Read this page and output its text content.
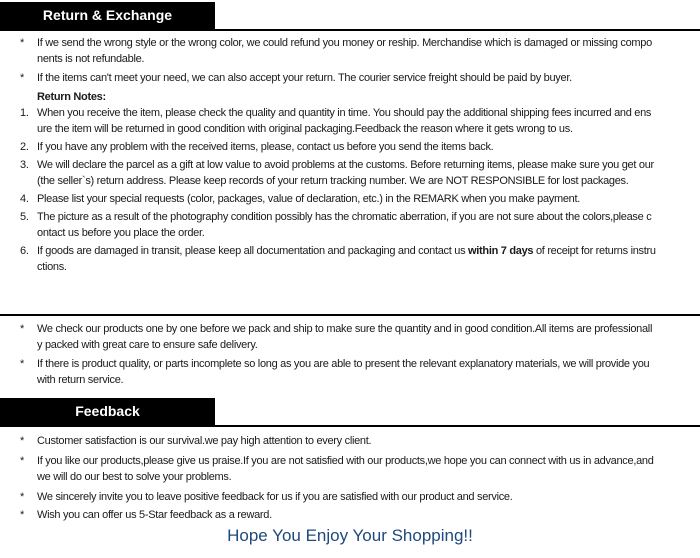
Return & Exchange
*	If we send the wrong style or the wrong color, we could refund you money or reship. Merchandise which is damaged or missing compo
nents is not refundable.
*	If the items can't meet your need, we can also accept your return. The courier service freight should be paid by buyer.
Return Notes:
1. When you receive the item, please check the quality and quantity in time. You should pay the additional shipping fees incurred and ens
ure the item will be returned in good condition with original packaging.Feedback the reason where it gets wrong to us.
2. If you have any problem with the received items, please, contact us before you send the items back.
3. We will declare the parcel as a gift at low value to avoid problems at the customs. Before returning items, please make sure you get our
(the seller`s) return address. Please keep records of your return tracking number. We are NOT RESPONSIBLE for lost packages.
4. Please list your special requests (color, packages, value of declaration, etc.) in the REMARK when you make payment.
5. The picture as a result of the photography condition possibly has the chromatic aberration, if you are not sure about the colors,please c
ontact us before you place the order.
6. If goods are damaged in transit, please keep all documentation and packaging and contact us within 7 days of receipt for returns instru
ctions.
*	We check our products one by one before we pack and ship to make sure the quantity and in good condition.All items are professionall
y packed with great care to ensure safe delivery.
*	If there is product quality, or parts incomplete so long as you are able to present the relevant explanatory materials, we will provide you
with return service.
Feedback
*	Customer satisfaction is our survival.we pay high attention to every client.
*	If you like our products,please give us praise.If you are not satisfied with our products,we hope you can connect with us in advance,and
we will do our best to solve your problems.
*	We sincerely invite you to leave positive feedback for us if you are satisfied with our product and service.
*	Wish you can offer us 5-Star feedback as a reward.
Hope You Enjoy Your Shopping!!
